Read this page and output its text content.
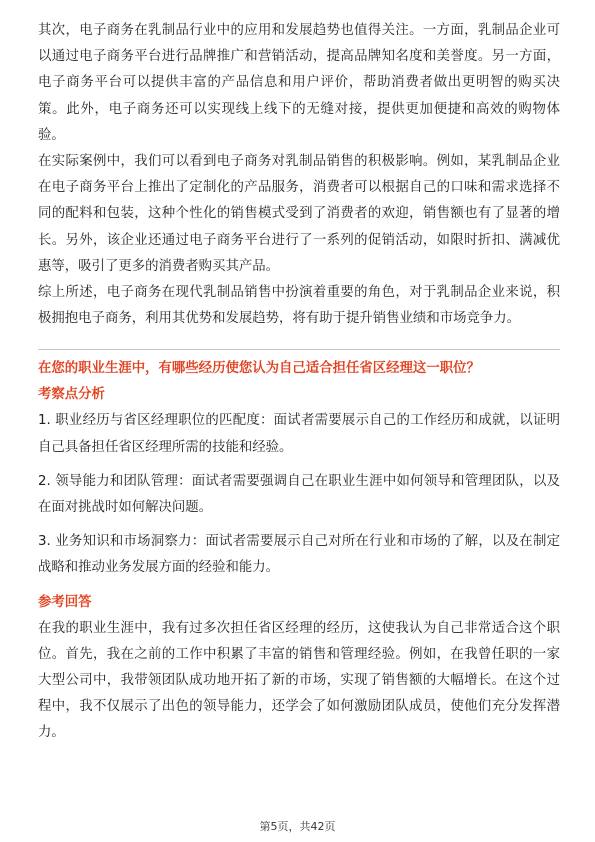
其次，电子商务在乳制品行业中的应用和发展趋势也值得关注。一方面，乳制品企业可以通过电子商务平台进行品牌推广和营销活动，提高品牌知名度和美誉度。另一方面，电子商务平台可以提供丰富的产品信息和用户评价，帮助消费者做出更明智的购买决策。此外，电子商务还可以实现线上线下的无缝对接，提供更加便捷和高效的购物体验。

在实际案例中，我们可以看到电子商务对乳制品销售的积极影响。例如，某乳制品企业在电子商务平台上推出了定制化的产品服务，消费者可以根据自己的口味和需求选择不同的配料和包装，这种个性化的销售模式受到了消费者的欢迎，销售额也有了显著的增长。另外，该企业还通过电子商务平台进行了一系列的促销活动，如限时折扣、满减优惠等，吸引了更多的消费者购买其产品。

综上所述，电子商务在现代乳制品销售中扮演着重要的角色，对于乳制品企业来说，积极拥抱电子商务，利用其优势和发展趋势，将有助于提升销售业绩和市场竞争力。

在您的职业生涯中，有哪些经历使您认为自己适合担任省区经理这一职位？

考察点分析

1. 职业经历与省区经理职位的匹配度：面试者需要展示自己的工作经历和成就，以证明自己具备担任省区经理所需的技能和经验。
2. 领导能力和团队管理：面试者需要强调自己在职业生涯中如何领导和管理团队，以及在面对挑战时如何解决问题。
3. 业务知识和市场洞察力：面试者需要展示自己对所在行业和市场的了解，以及在制定战略和推动业务发展方面的经验和能力。

参考回答

在我的职业生涯中，我有过多次担任省区经理的经历，这使我认为自己非常适合这个职位。首先，我在之前的工作中积累了丰富的销售和管理经验。例如，在我曾任职的一家大型公司中，我带领团队成功地开拓了新的市场，实现了销售额的大幅增长。在这个过程中，我不仅展示了出色的领导能力，还学会了如何激励团队成员，使他们充分发挥潜力。

第5页，共42页
